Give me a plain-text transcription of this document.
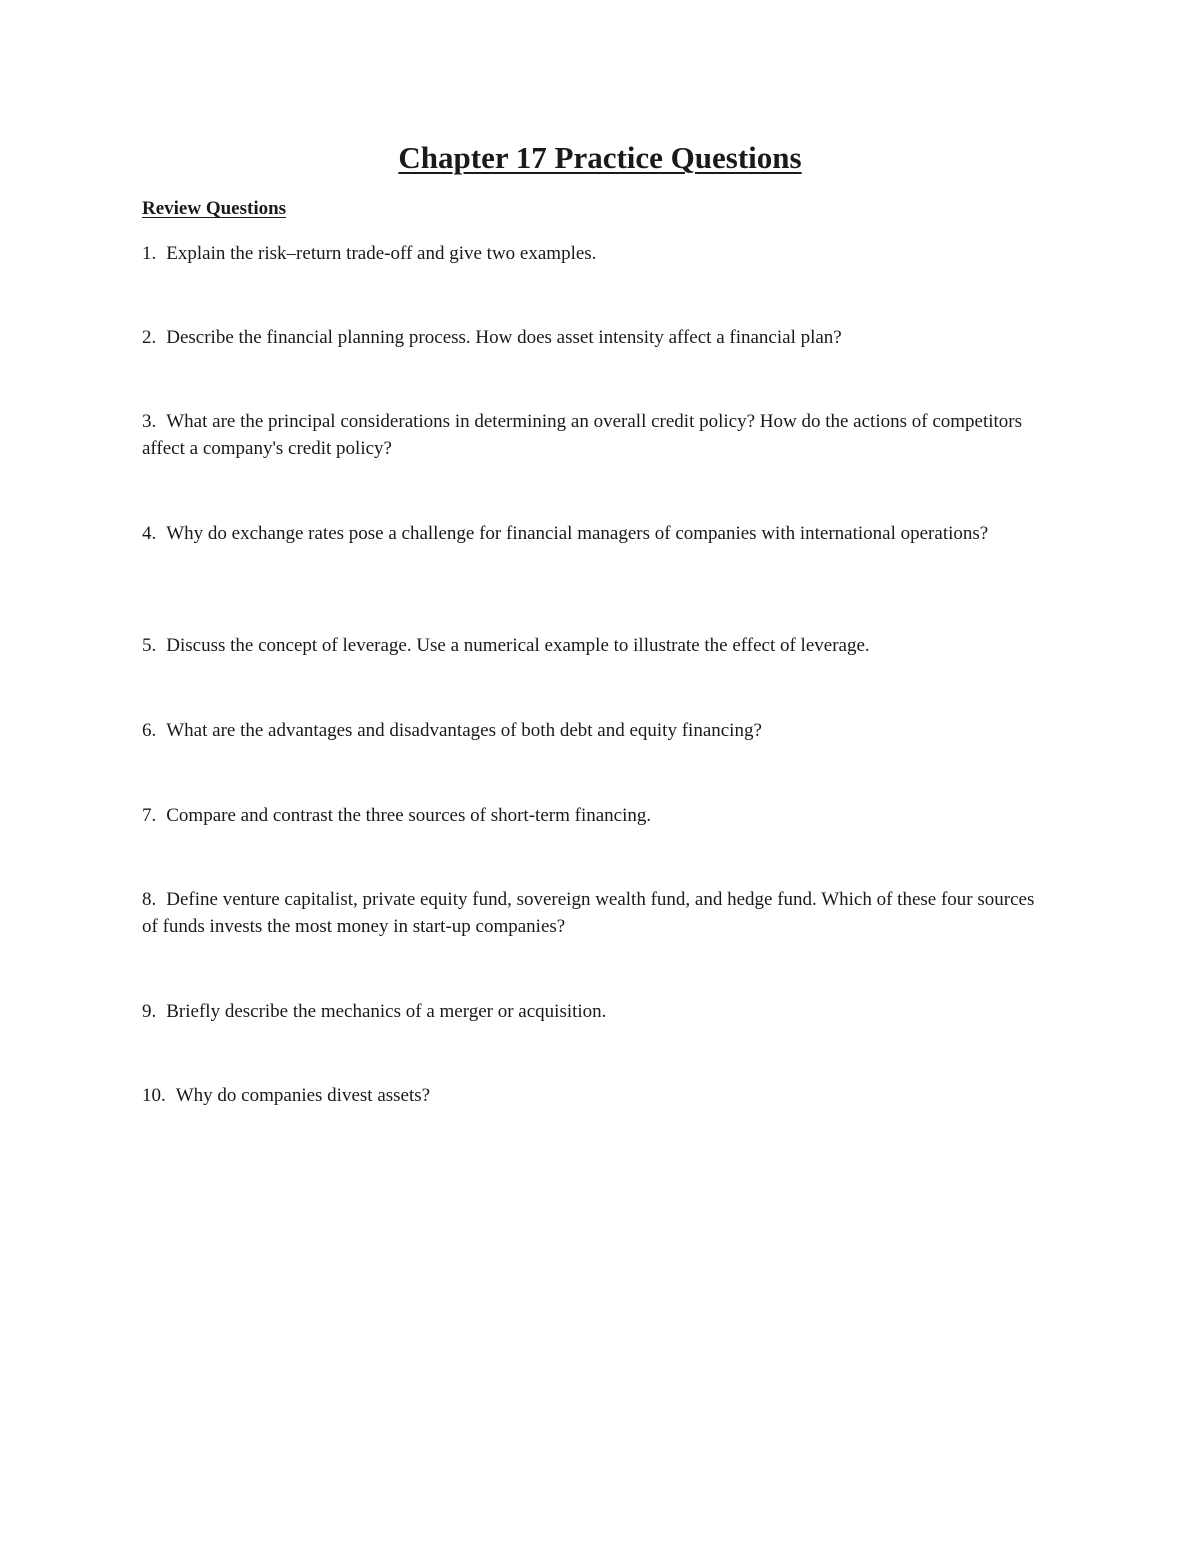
Chapter 17 Practice Questions
Review Questions

1. Explain the risk–return trade-off and give two examples.

2. Describe the financial planning process. How does asset intensity affect a financial plan?

3. What are the principal considerations in determining an overall credit policy? How do the actions of competitors affect a company's credit policy?

4. Why do exchange rates pose a challenge for financial managers of companies with international operations?

5. Discuss the concept of leverage. Use a numerical example to illustrate the effect of leverage.

6. What are the advantages and disadvantages of both debt and equity financing?

7. Compare and contrast the three sources of short-term financing.

8. Define venture capitalist, private equity fund, sovereign wealth fund, and hedge fund. Which of these four sources of funds invests the most money in start-up companies?

9. Briefly describe the mechanics of a merger or acquisition.

10. Why do companies divest assets?
